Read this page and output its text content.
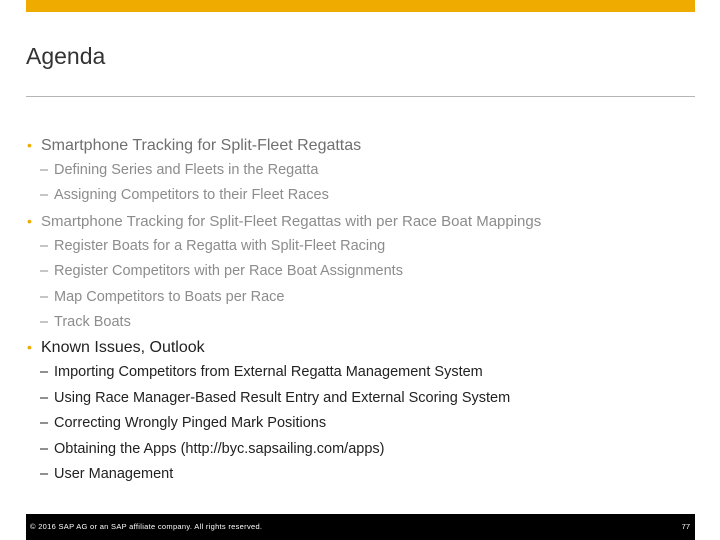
Agenda
• Smartphone Tracking for Split-Fleet Regattas
– Defining Series and Fleets in the Regatta
– Assigning Competitors to their Fleet Races
• Smartphone Tracking for Split-Fleet Regattas with per Race Boat Mappings
– Register Boats for a Regatta with Split-Fleet Racing
– Register Competitors with per Race Boat Assignments
– Map Competitors to Boats per Race
– Track Boats
• Known Issues, Outlook
– Importing Competitors from External Regatta Management System
– Using Race Manager-Based Result Entry and External Scoring System
– Correcting Wrongly Pinged Mark Positions
– Obtaining the Apps (http://byc.sapsailing.com/apps)
– User Management
© 2016 SAP AG or an SAP affiliate company. All rights reserved.	77
